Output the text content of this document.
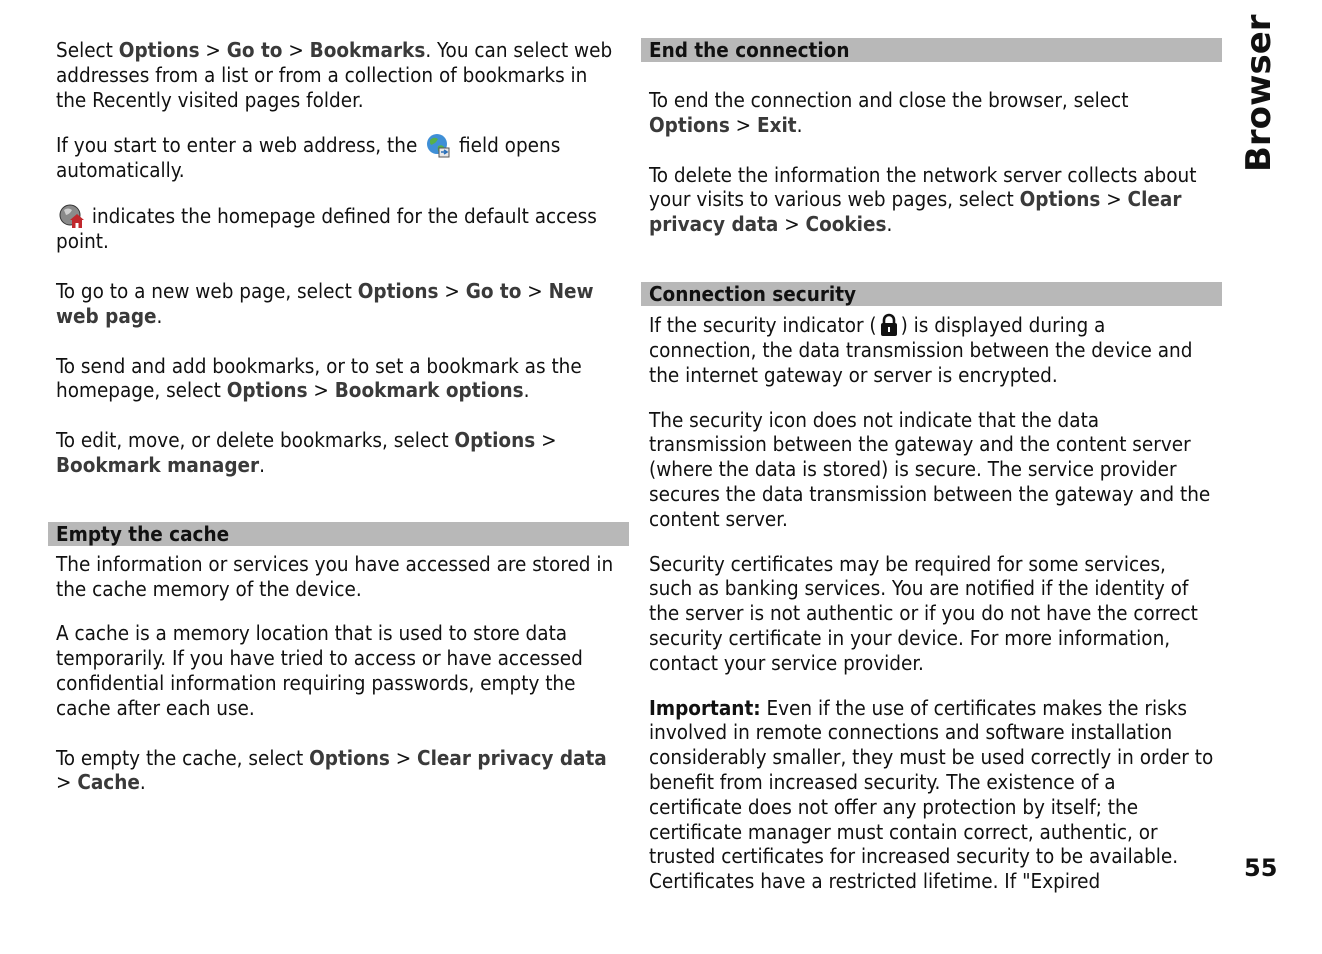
Browser
55

Select Options > Go to > Bookmarks. You can select web addresses from a list or from a collection of bookmarks in the Recently visited pages folder.

If you start to enter a web address, the  field opens automatically.

indicates the homepage defined for the default access point.

To go to a new web page, select Options > Go to > New web page.

To send and add bookmarks, or to set a bookmark as the homepage, select Options > Bookmark options.

To edit, move, or delete bookmarks, select Options > Bookmark manager.

Empty the cache

The information or services you have accessed are stored in the cache memory of the device.

A cache is a memory location that is used to store data temporarily. If you have tried to access or have accessed confidential information requiring passwords, empty the cache after each use.

To empty the cache, select Options > Clear privacy data > Cache.

End the connection

To end the connection and close the browser, select Options > Exit.

To delete the information the network server collects about your visits to various web pages, select Options > Clear privacy data > Cookies.

Connection security

If the security indicator ( ) is displayed during a connection, the data transmission between the device and the internet gateway or server is encrypted.

The security icon does not indicate that the data transmission between the gateway and the content server (where the data is stored) is secure. The service provider secures the data transmission between the gateway and the content server.

Security certificates may be required for some services, such as banking services. You are notified if the identity of the server is not authentic or if you do not have the correct security certificate in your device. For more information, contact your service provider.

Important: Even if the use of certificates makes the risks involved in remote connections and software installation considerably smaller, they must be used correctly in order to benefit from increased security. The existence of a certificate does not offer any protection by itself; the certificate manager must contain correct, authentic, or trusted certificates for increased security to be available. Certificates have a restricted lifetime. If "Expired
